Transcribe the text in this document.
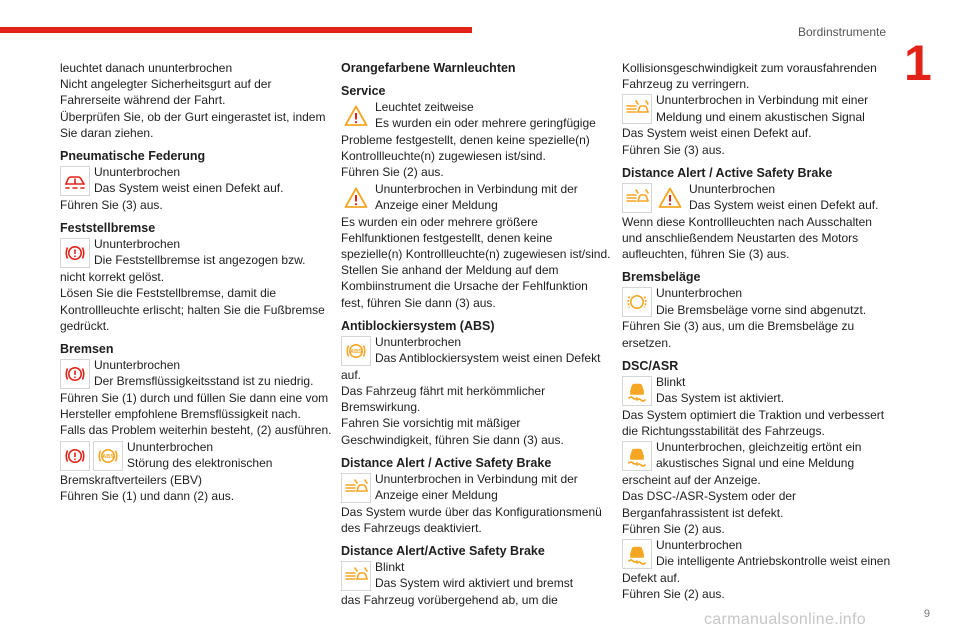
Bordinstrumente
1

leuchtet danach ununterbrochen

Nicht angelegter Sicherheitsgurt auf der Fahrerseite während der Fahrt.

Überprüfen Sie, ob der Gurt eingerastet ist, indem Sie daran ziehen.

Pneumatische Federung

Ununterbrochen

Das System weist einen Defekt auf.

Führen Sie (3) aus.

Feststellbremse

Ununterbrochen

Die Feststellbremse ist angezogen bzw.

nicht korrekt gelöst.

Lösen Sie die Feststellbremse, damit die Kontrollleuchte erlischt; halten Sie die Fußbremse gedrückt.

Bremsen

Ununterbrochen

Der Bremsflüssigkeitsstand ist zu niedrig.

Führen Sie (1) durch und füllen Sie dann eine vom Hersteller empfohlene Bremsflüssigkeit nach.

Falls das Problem weiterhin besteht, (2) ausführen.

ABS

Ununterbrochen

Störung des elektronischen

Bremskraftverteilers (EBV)

Führen Sie (1) und dann (2) aus.

Orangefarbene Warnleuchten
Service

Leuchtet zeitweise

Es wurden ein oder mehrere geringfügige

Probleme festgestellt, denen keine spezielle(n) Kontrollleuchte(n) zugewiesen ist/sind.

Führen Sie (2) aus.

Ununterbrochen in Verbindung mit der

Anzeige einer Meldung

Es wurden ein oder mehrere größere Fehlfunktionen festgestellt, denen keine spezielle(n) Kontrollleuchte(n) zugewiesen ist/sind.

Stellen Sie anhand der Meldung auf dem Kombiinstrument die Ursache der Fehlfunktion fest, führen Sie dann (3) aus.

Antiblockiersystem (ABS)
ABS

Ununterbrochen

Das Antiblockiersystem weist einen Defekt

auf.

Das Fahrzeug fährt mit herkömmlicher Bremswirkung.

Fahren Sie vorsichtig mit mäßiger Geschwindigkeit, führen Sie dann (3) aus.

Distance Alert / Active Safety Brake

Ununterbrochen in Verbindung mit der

Anzeige einer Meldung

Das System wurde über das Konfigurationsmenü des Fahrzeugs deaktiviert.

Distance Alert/Active Safety Brake

Blinkt

Das System wird aktiviert und bremst

das Fahrzeug vorübergehend ab, um die

Kollisionsgeschwindigkeit zum vorausfahrenden Fahrzeug zu verringern.

Ununterbrochen in Verbindung mit einer

Meldung und einem akustischen Signal

Das System weist einen Defekt auf.

Führen Sie (3) aus.

Distance Alert / Active Safety Brake

Ununterbrochen

Das System weist einen Defekt auf.

Wenn diese Kontrollleuchten nach Ausschalten und anschließendem Neustarten des Motors aufleuchten, führen Sie (3) aus.

Bremsbeläge

Ununterbrochen

Die Bremsbeläge vorne sind abgenutzt.

Führen Sie (3) aus, um die Bremsbeläge zu ersetzen.

DSC/ASR

Blinkt

Das System ist aktiviert.

Das System optimiert die Traktion und verbessert die Richtungsstabilität des Fahrzeugs.

Ununterbrochen, gleichzeitig ertönt ein

akustisches Signal und eine Meldung

erscheint auf der Anzeige.

Das DSC-/ASR-System oder der Berganfahrassistent ist defekt.

Führen Sie (2) aus.

Ununterbrochen

Die intelligente Antriebskontrolle weist einen

Defekt auf.

Führen Sie (2) aus.

carmanualsonline.info	9
